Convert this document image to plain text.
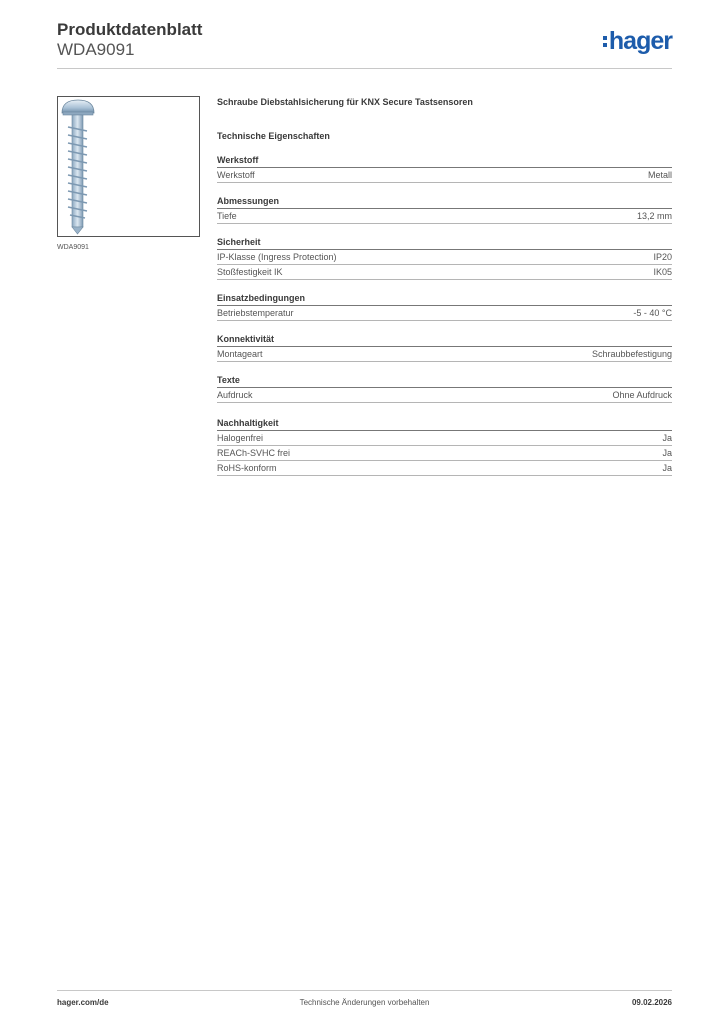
Produktdatenblatt
WDA9091	hager
WDA9091
Schraube Diebstahlsicherung für KNX Secure Tastsensoren
Technische Eigenschaften
Werkstoff
Werkstoff	Metall
Abmessungen
Tiefe	13,2 mm
Sicherheit
IP-Klasse (Ingress Protection)	IP20
Stoßfestigkeit IK	IK05
Einsatzbedingungen
Betriebstemperatur	-5 - 40 °C
Konnektivität
Montageart	Schraubbefestigung
Texte
Aufdruck	Ohne Aufdruck
Nachhaltigkeit
Halogenfrei	Ja
REACh-SVHC frei	Ja
RoHS-konform	Ja
hager.com/de	Technische Änderungen vorbehalten	09.02.2026
